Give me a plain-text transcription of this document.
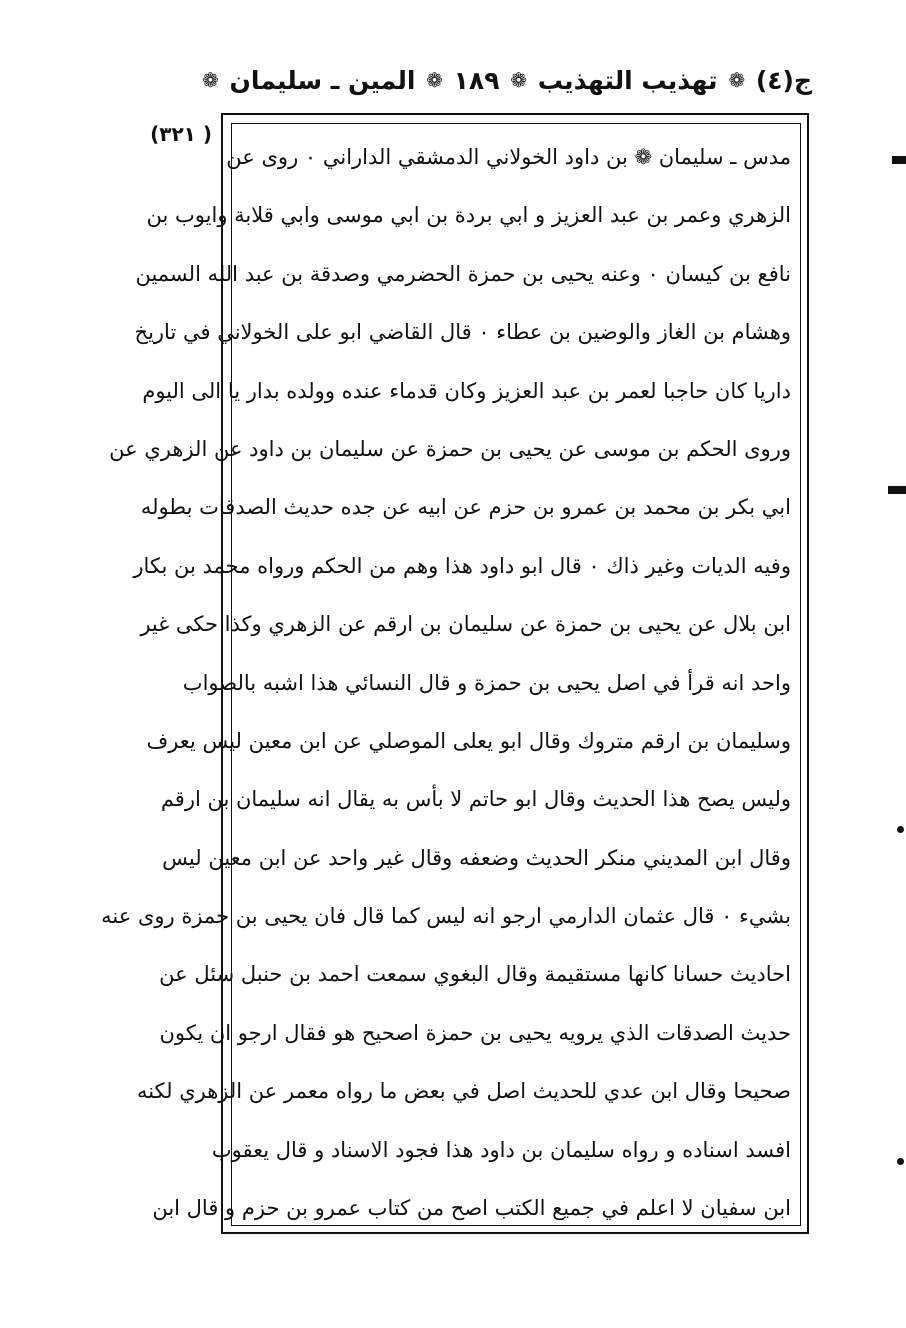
ج(٤)
❁
تهذيب التهذيب
❁
١٨٩
❁
المين ـ سليمان
❁
( ٣٢١)
مدس ـ سليمان ❁ بن داود الخولاني الدمشقي الداراني ٠ روى عن
الزهري وعمر بن عبد العزيز و ابي بردة بن ابي موسى وابي قلابة وايوب بن
نافع بن كيسان ٠ وعنه يحيى بن حمزة الحضرمي وصدقة بن عبد الله السمين
وهشام بن الغاز والوضين بن عطاء ٠ قال القاضي ابو على الخولاني في تاريخ
داريا كان حاجبا لعمر بن عبد العزيز وكان قدماء عنده وولده بدار يا الى اليوم
وروى الحكم بن موسى عن يحيى بن حمزة عن سليمان بن داود عن الزهري عن
ابي بكر بن محمد بن عمرو بن حزم عن ابيه عن جده حديث الصدقات بطوله
وفيه الديات وغير ذاك ٠ قال ابو داود هذا وهم من الحكم ورواه محمد بن بكار
ابن بلال عن يحيى بن حمزة عن سليمان بن ارقم عن الزهري وكذا حكى غير
واحد انه قرأ في اصل يحيى بن حمزة و قال النسائي هذا اشبه بالصواب
وسليمان بن ارقم متروك وقال ابو يعلى الموصلي عن ابن معين ليس يعرف
وليس يصح هذا الحديث وقال ابو حاتم لا بأس به يقال انه سليمان بن ارقم
وقال ابن المديني منكر الحديث وضعفه وقال غير واحد عن ابن معين ليس
بشيء ٠ قال عثمان الدارمي ارجو انه ليس كما قال فان يحيى بن حمزة روى عنه
احاديث حسانا كانها مستقيمة وقال البغوي سمعت احمد بن حنبل سئل عن
حديث الصدقات الذي يرويه يحيى بن حمزة اصحيح هو فقال ارجو ان يكون
صحيحا وقال ابن عدي للحديث اصل في بعض ما رواه معمر عن الزهري لكنه
افسد اسناده و رواه سليمان بن داود هذا فجود الاسناد و قال يعقوب
ابن سفيان لا اعلم في جميع الكتب اصح من كتاب عمرو بن حزم و قال ابن
